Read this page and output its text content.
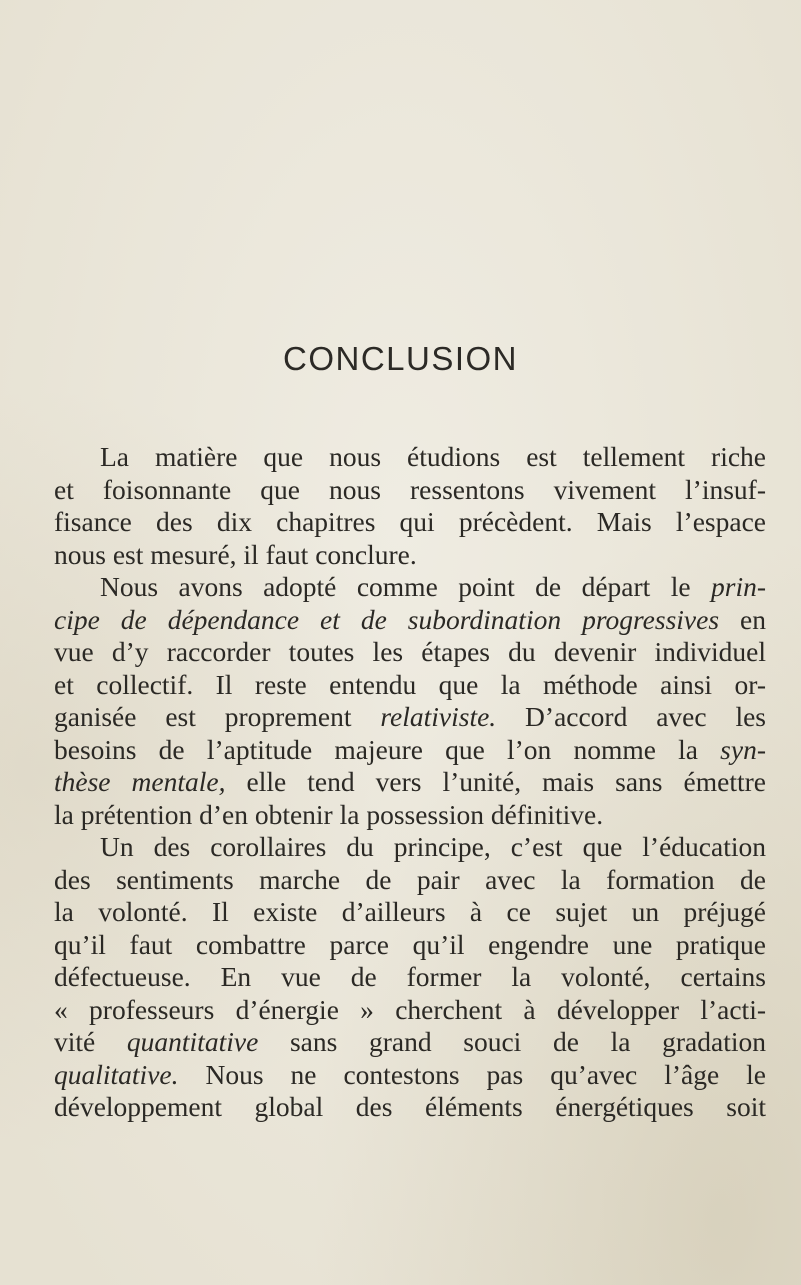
CONCLUSION
La matière que nous étudions est tellement riche
et foisonnante que nous ressentons vivement l’insuf-
fisance des dix chapitres qui précèdent. Mais l’espace
nous est mesuré, il faut conclure.
Nous avons adopté comme point de départ le prin-
cipe de dépendance et de subordination progressives en
vue d’y raccorder toutes les étapes du devenir individuel
et collectif. Il reste entendu que la méthode ainsi or-
ganisée est proprement relativiste. D’accord avec les
besoins de l’aptitude majeure que l’on nomme la syn-
thèse mentale, elle tend vers l’unité, mais sans émettre
la prétention d’en obtenir la possession définitive.
Un des corollaires du principe, c’est que l’éducation
des sentiments marche de pair avec la formation de
la volonté. Il existe d’ailleurs à ce sujet un préjugé
qu’il faut combattre parce qu’il engendre une pratique
défectueuse. En vue de former la volonté, certains
« professeurs d’énergie » cherchent à développer l’acti-
vité quantitative sans grand souci de la gradation
qualitative. Nous ne contestons pas qu’avec l’âge le
développement global des éléments énergétiques soit
